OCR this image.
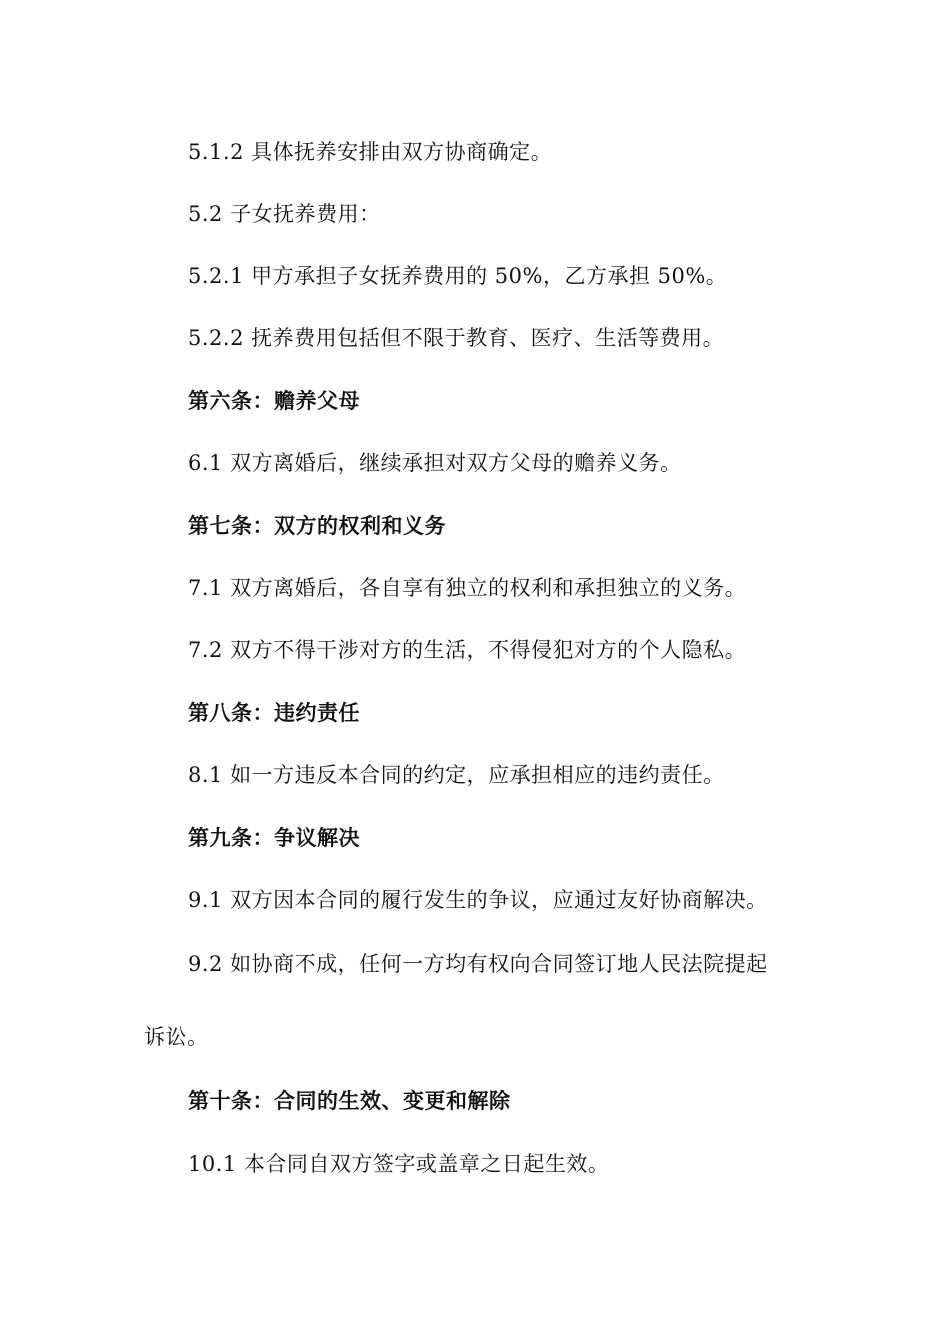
5.1.2 具体抚养安排由双方协商确定。
5.2 子女抚养费用：
5.2.1 甲方承担子女抚养费用的 50%，乙方承担 50%。
5.2.2 抚养费用包括但不限于教育、医疗、生活等费用。
第六条：赡养父母
6.1 双方离婚后，继续承担对双方父母的赡养义务。
第七条：双方的权利和义务
7.1 双方离婚后，各自享有独立的权利和承担独立的义务。
7.2 双方不得干涉对方的生活，不得侵犯对方的个人隐私。
第八条：违约责任
8.1 如一方违反本合同的约定，应承担相应的违约责任。
第九条：争议解决
9.1 双方因本合同的履行发生的争议，应通过友好协商解决。
9.2 如协商不成，任何一方均有权向合同签订地人民法院提起
诉讼。
第十条：合同的生效、变更和解除
10.1 本合同自双方签字或盖章之日起生效。
